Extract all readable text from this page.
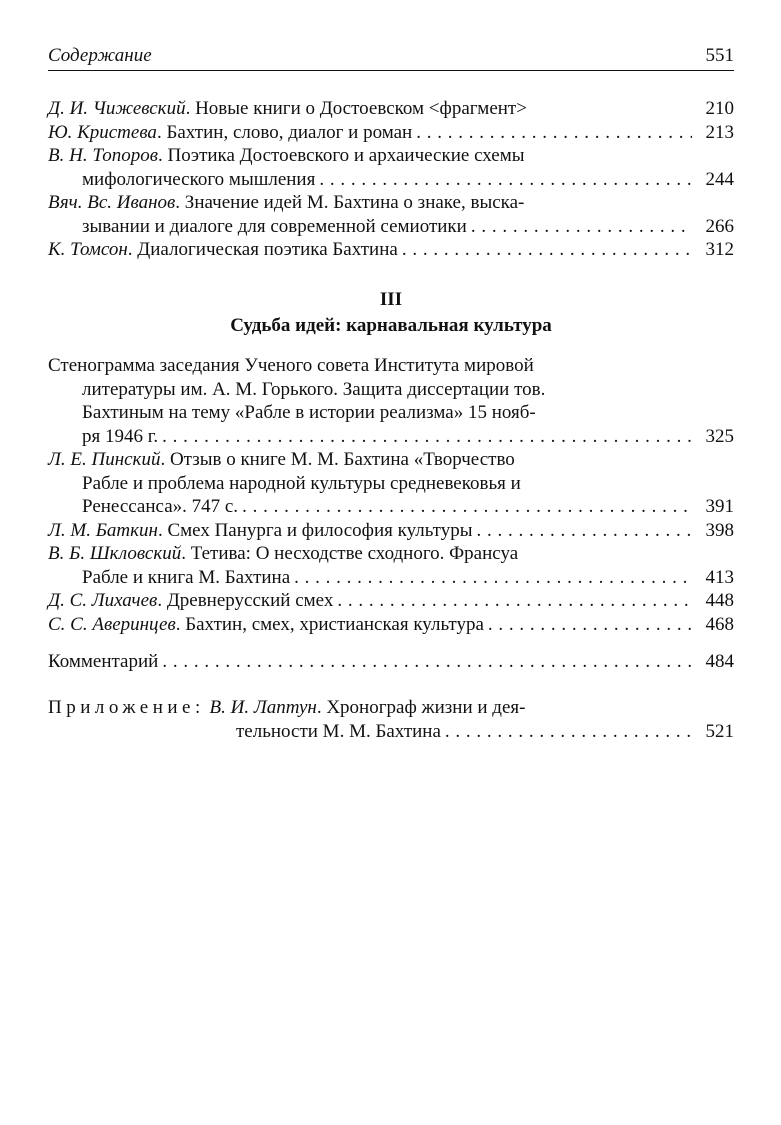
Содержание	551
Д. И. Чижевский. Новые книги о Достоевском <фрагмент>	210
Ю. Кристева. Бахтин, слово, диалог и роман . . .	213
В. Н. Топоров. Поэтика Достоевского и архаические схемы
мифологического мышления . . .	244
Вяч. Вс. Иванов. Значение идей М. Бахтина о знаке, выска-
зывании и диалоге для современной семиотики . . .	266
К. Томсон. Диалогическая поэтика Бахтина . . .	312
III
Судьба идей: карнавальная культура
Стенограмма заседания Ученого совета Института мировой
литературы им. А. М. Горького. Защита диссертации тов.
Бахтиным на тему «Рабле в истории реализма» 15 нояб-
ря 1946 г. . . .	325
Л. Е. Пинский. Отзыв о книге М. М. Бахтина «Творчество
Рабле и проблема народной культуры средневековья и
Ренессанса». 747 с. . . .	391
Л. М. Баткин. Смех Панурга и философия культуры . . .	398
В. Б. Шкловский. Тетива: О несходстве сходного. Франсуа
Рабле и книга М. Бахтина . . .	413
Д. С. Лихачев. Древнерусский смех . . .	448
С. С. Аверинцев. Бахтин, смех, христианская культура . . .	468
Комментарий . . .	484
Приложение: В. И. Лаптун. Хронограф жизни и дея-
тельности М. М. Бахтина . . .	521
